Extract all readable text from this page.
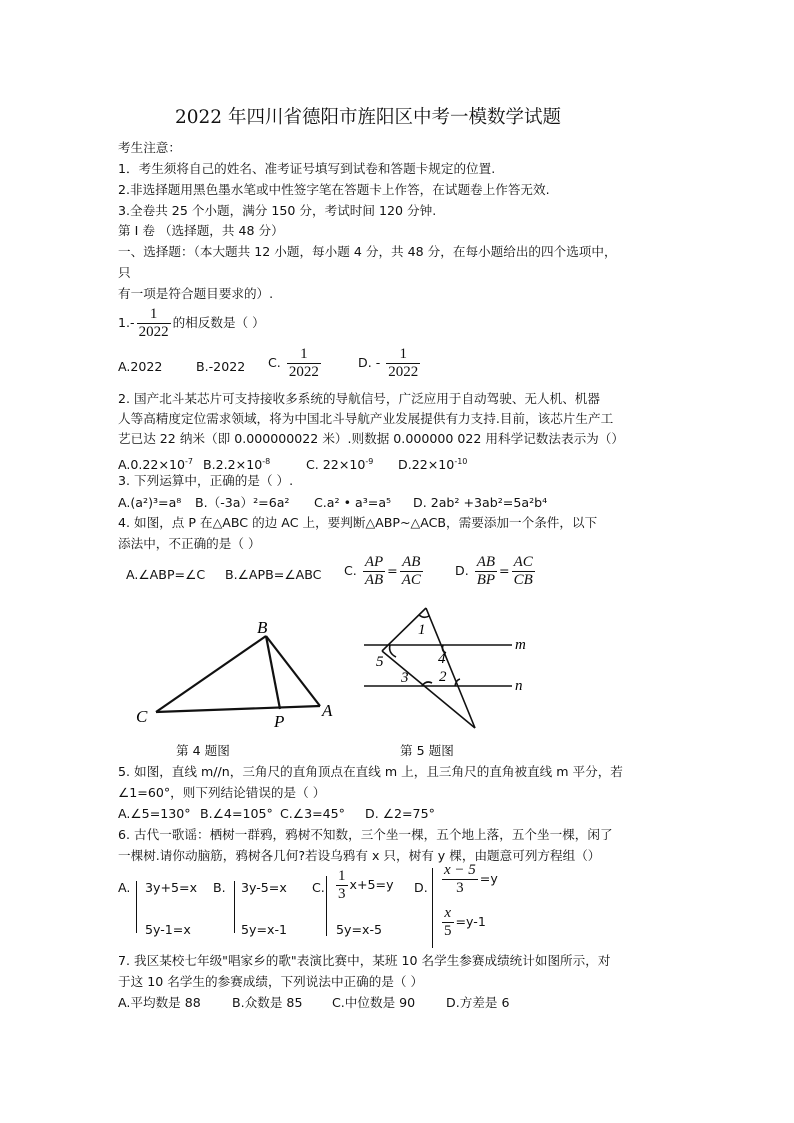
2022 年四川省德阳市旌阳区中考一模数学试题
考生注意：
1．考生须将自己的姓名、准考证号填写到试卷和答题卡规定的位置.
2.非选择题用黑色墨水笔或中性签字笔在答题卡上作答，在试题卷上作答无效.
3.全卷共 25 个小题，满分 150 分，考试时间 120 分钟.
第 I 卷 （选择题，共 48 分）
一、选择题：（本大题共 12 小题，每小题 4 分，共 48 分，在每小题给出的四个选项中，
只
有一项是符合题目要求的）.
$1.- \frac{1}{2022}$ 的相反数是（ ）
A.2022	B.-2022 C. $\frac{1}{2022}$	D. - $\frac{1}{2022}$
2. 国产北斗某芯片可支持接收多系统的导航信号，广泛应用于自动驾驶、无人机、机器
人等高精度定位需求领域，将为中国北斗导航产业发展提供有力支持.目前，该芯片生产工
艺已达 22 纳米（即 0.000000022 米）.则数据 0.000000 022 用科学记数法表示为（）
$A.0.22\times 10^{-7}$ $B.2.2\times 10^{-8}$	C. $22\times 10^{-9}$ $D.22\times 10^{-10}$
3. 下列运算中，正确的是（ ）.
A.(a²)³=a⁸ B.（-3a）²=6a² C.a² • a³=a⁵ D. 2ab² +3ab²=5a²b⁴
4. 如图，点 P 在△ABC 的边 AC 上，要判断△ABP~△ACB，需要添加一个条件，以下
添法中，不正确的是（ ）
A.∠ABP=∠C B.∠APB=∠ABC C. $\frac{AP}{AB} = \frac{AB}{AC}$	D. $\frac{AB}{BP} = \frac{AC}{CB}$
B
C	P
A
1
4
5
3 2
m
n
第 4 题图	第 5 题图
5. 如图，直线 m//n，三角尺的直角顶点在直线 m 上，且三角尺的直角被直线 m 平分，若
∠1=60°，则下列结论错误的是（ ）
A.∠5=130° B.∠4=105° C.∠3=45° D. ∠2=75°
6. 古代一歌谣：栖树一群鸦，鸦树不知数，三个坐一棵，五个地上落，五个坐一棵，闲了
一棵树.请你动脑筋，鸦树各几何?若设乌鸦有 x 只，树有 y 棵，由题意可列方程组（）
A. 3y+5=x
5y-1=x
B. 3y-5=x
5y=x-1
C. $\frac{1}{3} x+5=y$
5y=x-5
D. $\frac{x - 5}{3} =y$
$\frac{x}{5} =y-1$
7. 我区某校七年级"唱家乡的歌"表演比赛中，某班 10 名学生参赛成绩统计如图所示，对
于这 10 名学生的参赛成绩，下列说法中正确的是（ ）
A.平均数是 88 B.众数是 85 C.中位数是 90 D.方差是 6
